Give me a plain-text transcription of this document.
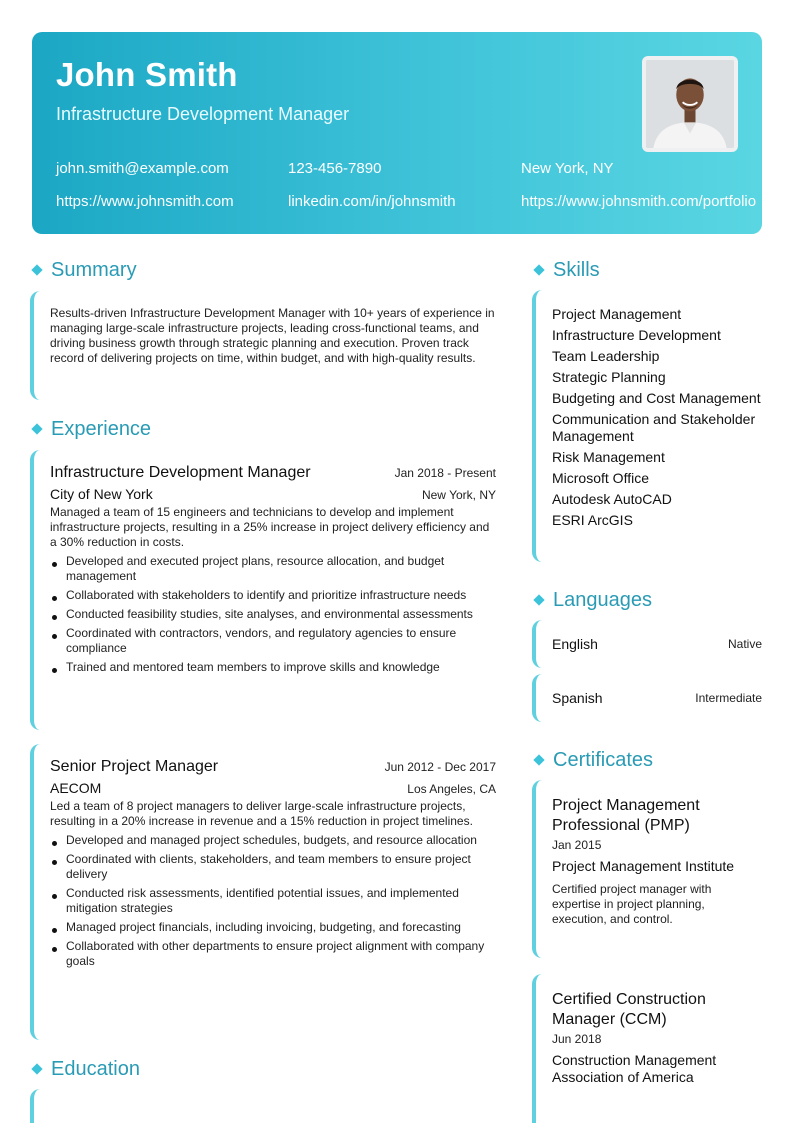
John Smith
Infrastructure Development Manager
john.smith@example.com	123-456-7890	New York, NY
https://www.johnsmith.com	linkedin.com/in/johnsmith	https://www.johnsmith.com/portfolio
Summary
Results-driven Infrastructure Development Manager with 10+ years of experience in managing large-scale infrastructure projects, leading cross-functional teams, and driving business growth through strategic planning and execution. Proven track record of delivering projects on time, within budget, and with high-quality results.
Experience
Infrastructure Development Manager	Jan 2018 - Present
City of New York	New York, NY
Managed a team of 15 engineers and technicians to develop and implement infrastructure projects, resulting in a 25% increase in project delivery efficiency and a 30% reduction in costs.
Developed and executed project plans, resource allocation, and budget management
Collaborated with stakeholders to identify and prioritize infrastructure needs
Conducted feasibility studies, site analyses, and environmental assessments
Coordinated with contractors, vendors, and regulatory agencies to ensure compliance
Trained and mentored team members to improve skills and knowledge
Senior Project Manager	Jun 2012 - Dec 2017
AECOM	Los Angeles, CA
Led a team of 8 project managers to deliver large-scale infrastructure projects, resulting in a 20% increase in revenue and a 15% reduction in project timelines.
Developed and managed project schedules, budgets, and resource allocation
Coordinated with clients, stakeholders, and team members to ensure project delivery
Conducted risk assessments, identified potential issues, and implemented mitigation strategies
Managed project financials, including invoicing, budgeting, and forecasting
Collaborated with other departments to ensure project alignment with company goals
Education
Skills
Project Management
Infrastructure Development
Team Leadership
Strategic Planning
Budgeting and Cost Management
Communication and Stakeholder Management
Risk Management
Microsoft Office
Autodesk AutoCAD
ESRI ArcGIS
Languages
English	Native
Spanish	Intermediate
Certificates
Project Management Professional (PMP)
Jan 2015
Project Management Institute
Certified project manager with expertise in project planning, execution, and control.
Certified Construction Manager (CCM)
Jun 2018
Construction Management Association of America
